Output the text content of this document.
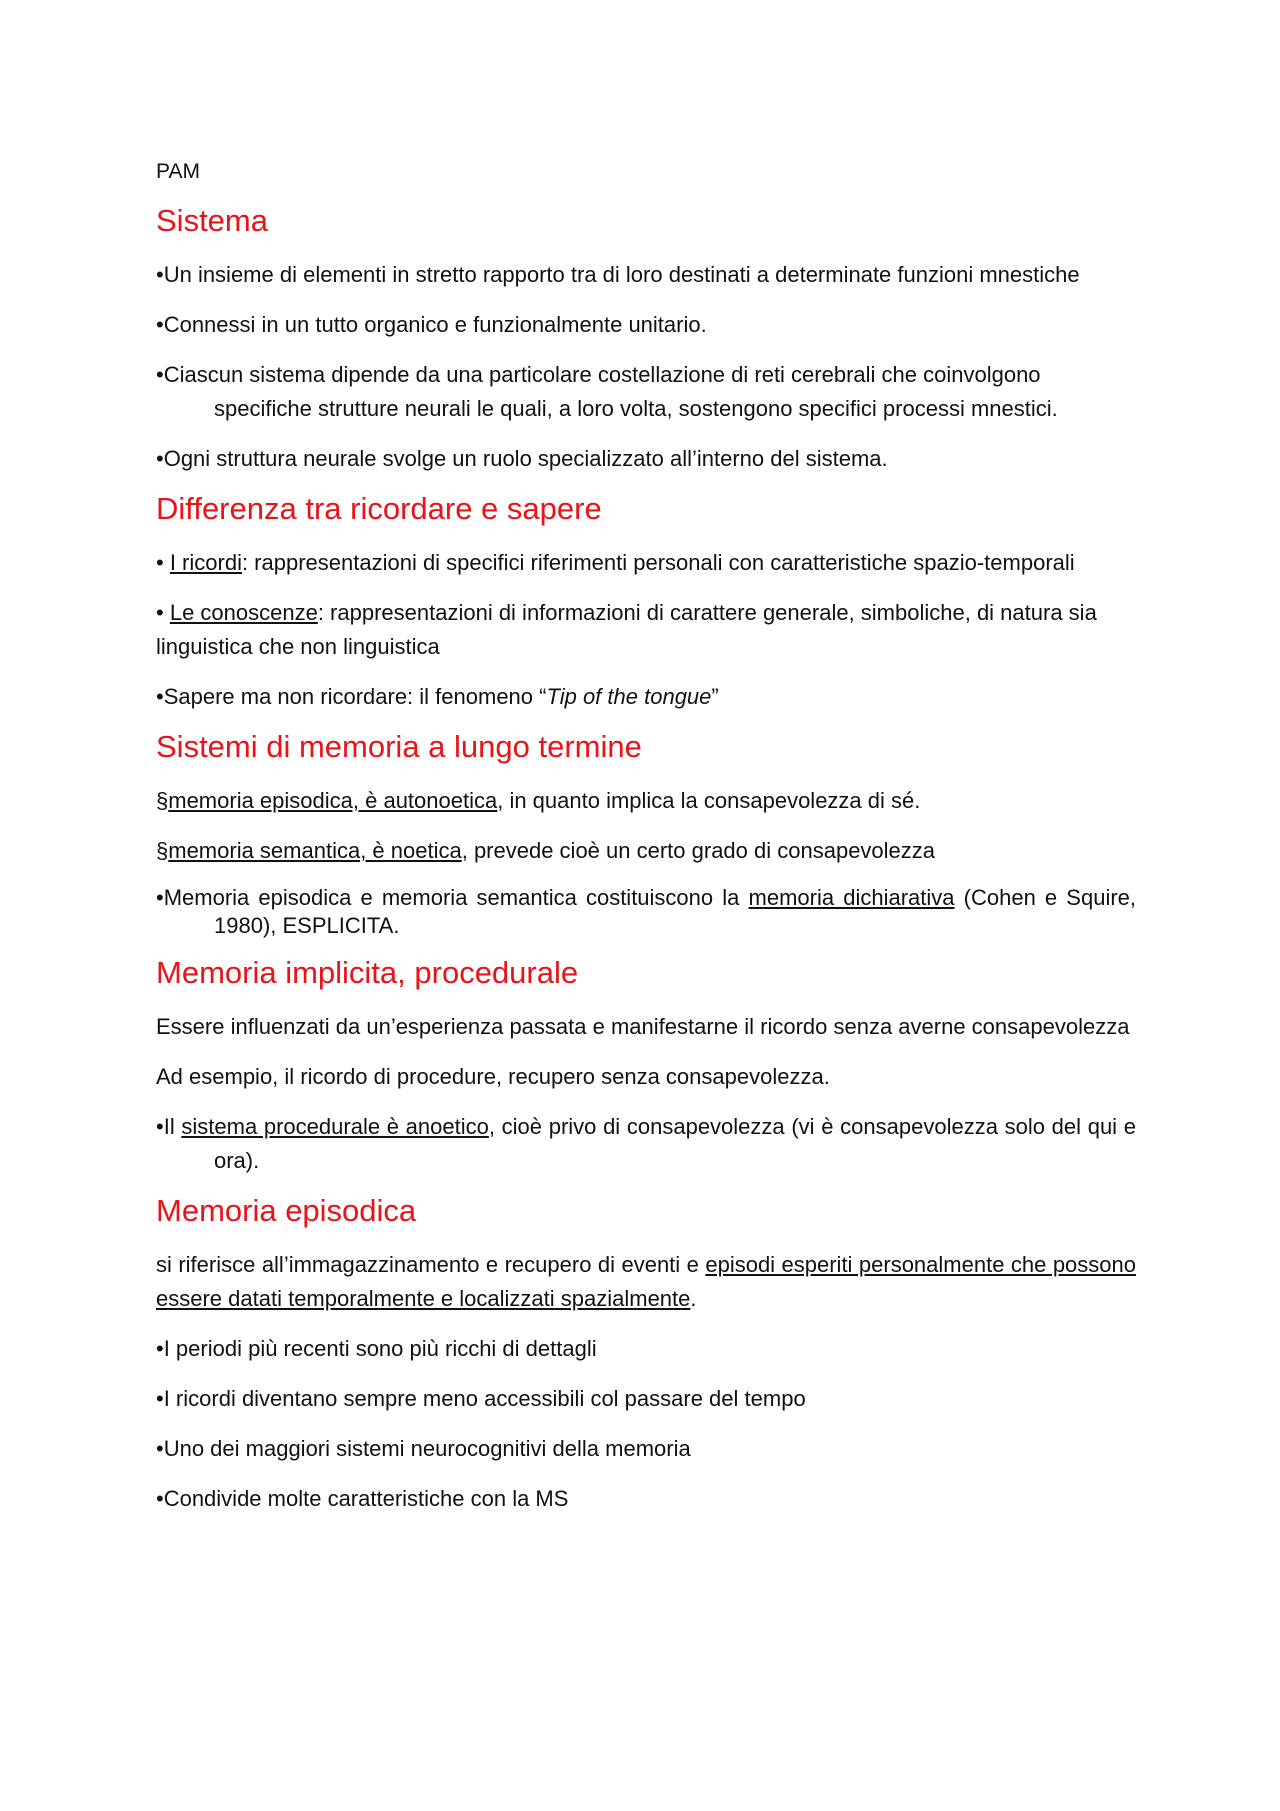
PAM
Sistema

•Un insieme di elementi in stretto rapporto tra di loro destinati a determinate funzioni mnestiche

•Connessi in un tutto organico e funzionalmente unitario.

•Ciascun sistema dipende da una particolare costellazione di reti cerebrali che coinvolgono specifiche strutture neurali le quali, a loro volta, sostengono specifici processi mnestici.

•Ogni struttura neurale svolge un ruolo specializzato all’interno del sistema.

Differenza tra ricordare e sapere

• I ricordi: rappresentazioni di specifici riferimenti personali con caratteristiche spazio-temporali

• Le conoscenze: rappresentazioni di informazioni di carattere generale, simboliche, di natura sia linguistica che non linguistica

•Sapere ma non ricordare: il fenomeno “Tip of the tongue”

Sistemi di memoria a lungo termine

§memoria episodica, è autonoetica, in quanto implica la consapevolezza di sé.

§memoria semantica, è noetica, prevede cioè un certo grado di consapevolezza

•Memoria episodica e memoria semantica costituiscono la memoria dichiarativa (Cohen e Squire, 1980), ESPLICITA.

Memoria implicita, procedurale

Essere influenzati da un’esperienza passata e manifestarne il ricordo senza averne consapevolezza

Ad esempio, il ricordo di procedure, recupero senza consapevolezza.

•Il sistema procedurale è anoetico, cioè privo di consapevolezza (vi è consapevolezza solo del qui e ora).

Memoria episodica

si riferisce all’immagazzinamento e recupero di eventi e episodi esperiti personalmente che possono essere datati temporalmente e localizzati spazialmente.

•I periodi più recenti sono più ricchi di dettagli

•I ricordi diventano sempre meno accessibili col passare del tempo

•Uno dei maggiori sistemi neurocognitivi della memoria

•Condivide molte caratteristiche con la MS
